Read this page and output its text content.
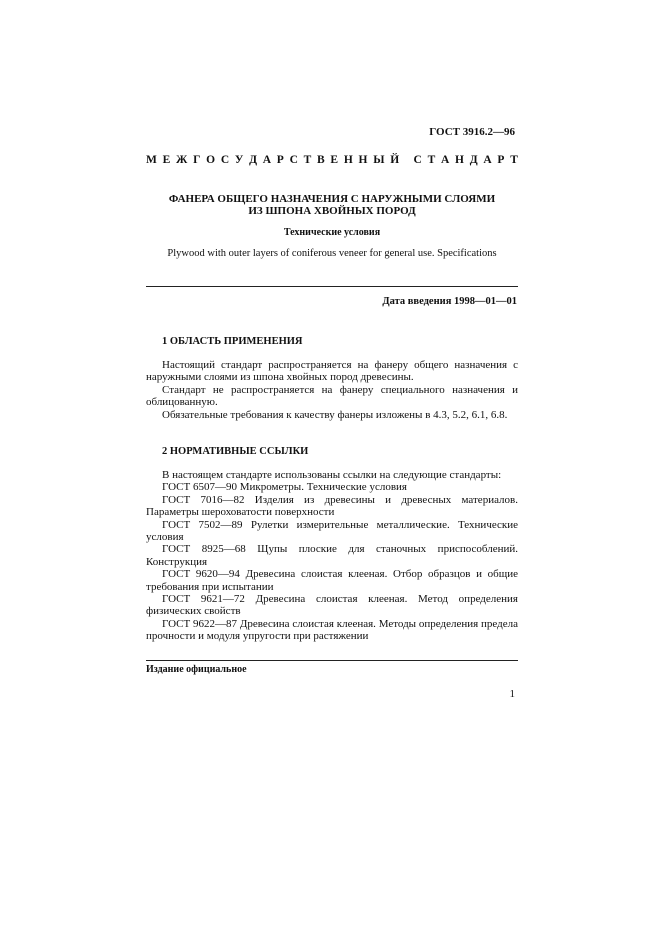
ГОСТ 3916.2—96
М Е Ж Г О С У Д А Р С Т В Е Н Н Ы Й
С Т А Н Д А Р Т
ФАНЕРА ОБЩЕГО НАЗНАЧЕНИЯ С НАРУЖНЫМИ СЛОЯМИ
ИЗ ШПОНА ХВОЙНЫХ ПОРОД
Технические условия
Plywood with outer layers of coniferous veneer for general use. Specifications
Дата введения 1998—01—01
1 ОБЛАСТЬ ПРИМЕНЕНИЯ

Настоящий стандарт распространяется на фанеру общего назначения с наружными слоями из шпона хвойных пород древесины.

Стандарт не распространяется на фанеру специального назначения и облицованную.

Обязательные требования к качеству фанеры изложены в 4.3, 5.2, 6.1, 6.8.

2 НОРМАТИВНЫЕ ССЫЛКИ

В настоящем стандарте использованы ссылки на следующие стандарты:

ГОСТ 6507—90 Микрометры. Технические условия

ГОСТ 7016—82 Изделия из древесины и древесных материалов. Параметры шероховатости поверхности

ГОСТ 7502—89 Рулетки измерительные металлические. Технические условия

ГОСТ 8925—68 Щупы плоские для станочных приспособлений. Конструкция

ГОСТ 9620—94 Древесина слоистая клееная. Отбор образцов и общие требования при испытании

ГОСТ 9621—72 Древесина слоистая клееная. Метод определения физических свойств

ГОСТ 9622—87 Древесина слоистая клееная. Методы определения предела прочности и модуля упругости при растяжении

Издание официальное
1
